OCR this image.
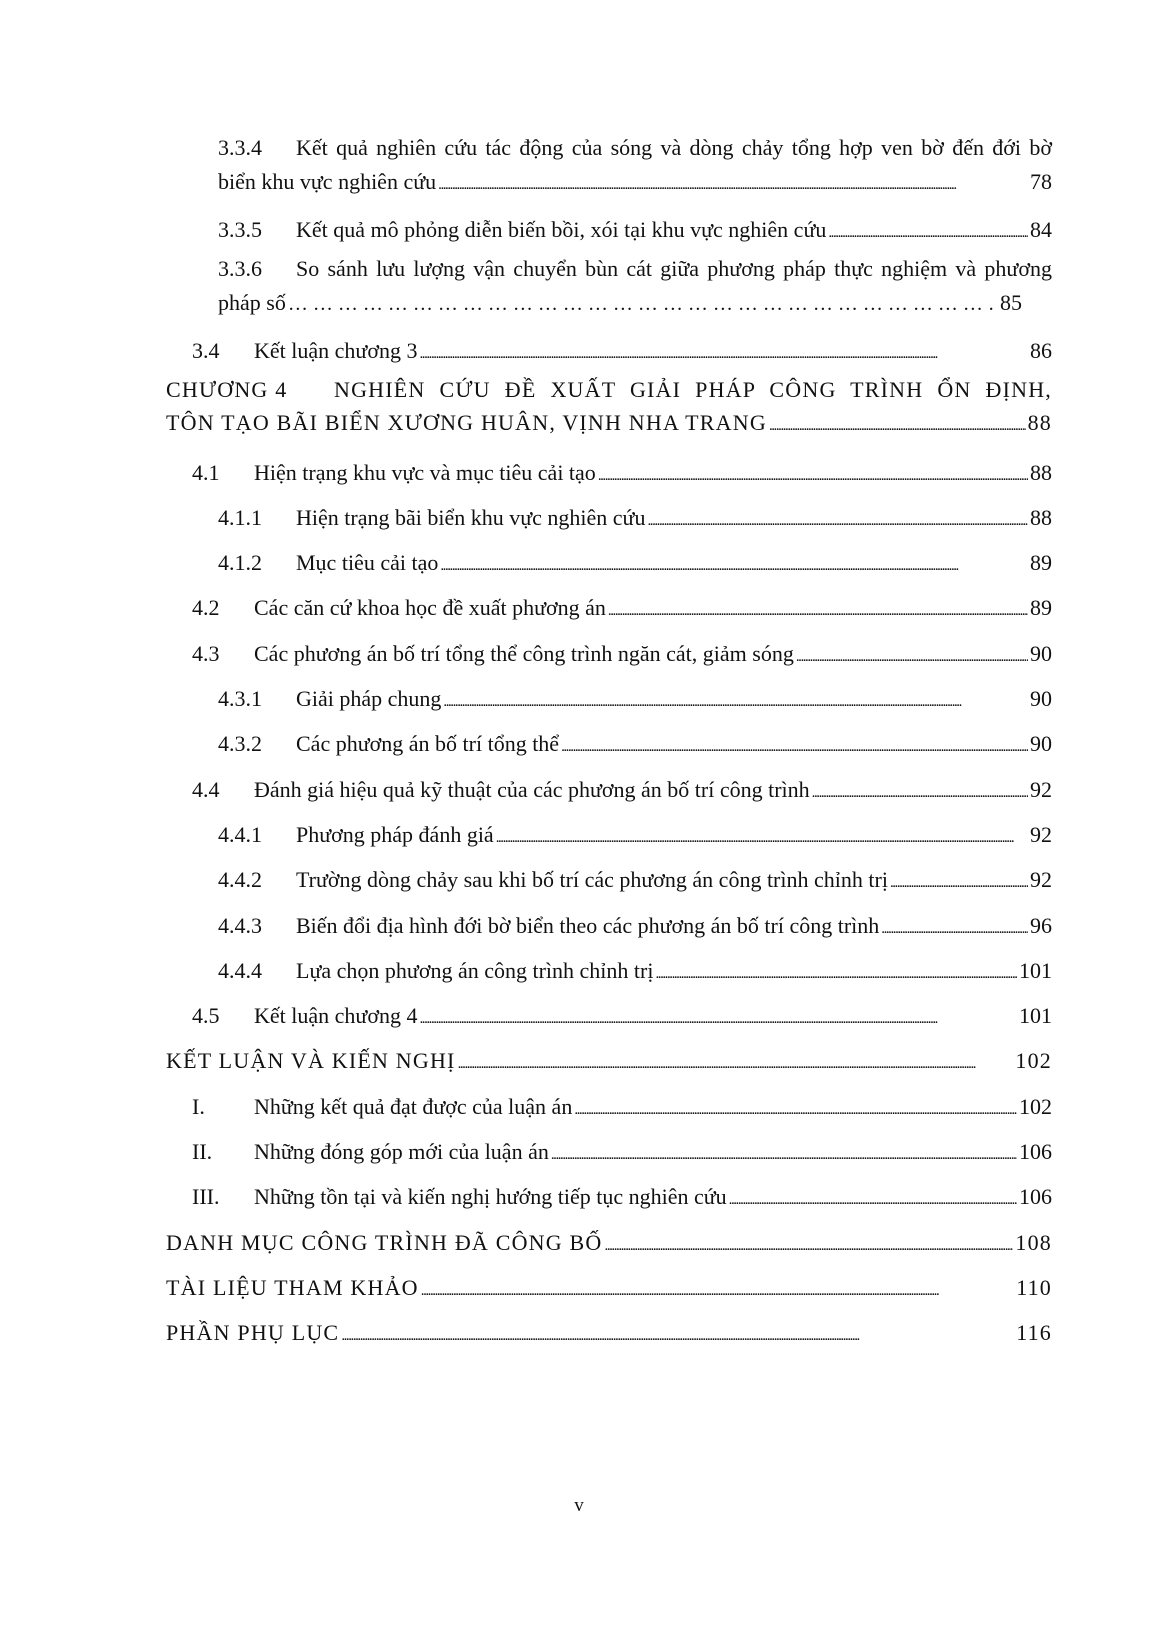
3.3.4	Kết quả nghiên cứu tác động của sóng và dòng chảy tổng hợp ven bờ đến đới bờ
biển khu vực nghiên cứu . . .	78
3.3.5	Kết quả mô phỏng diễn biến bồi, xói tại khu vực nghiên cứu . . .	84
3.3.6	So sánh lưu lượng vận chuyển bùn cát giữa phương pháp thực nghiệm và phương
pháp số … … … … … … … … … … … … … … … … … … … … … … … … … … … … … … … … … … … … … … … …	85
3.4	Kết luận chương 3 . . .	86
CHƯƠNG 4	NGHIÊN CỨU ĐỀ XUẤT GIẢI PHÁP CÔNG TRÌNH ỔN ĐỊNH,
TÔN TẠO BÃI BIỂN XƯƠNG HUÂN, VỊNH NHA TRANG . . .	88
4.1	Hiện trạng khu vực và mục tiêu cải tạo . . .	88
4.1.1	Hiện trạng bãi biển khu vực nghiên cứu . . .	88
4.1.2	Mục tiêu cải tạo . . .	89
4.2	Các căn cứ khoa học đề xuất phương án . . .	89
4.3	Các phương án bố trí tổng thể công trình ngăn cát, giảm sóng . . .	90
4.3.1	Giải pháp chung . . .	90
4.3.2	Các phương án bố trí tổng thể . . .	90
4.4	Đánh giá hiệu quả kỹ thuật của các phương án bố trí công trình . . .	92
4.4.1	Phương pháp đánh giá . . .	92
4.4.2	Trường dòng chảy sau khi bố trí các phương án công trình chỉnh trị . . .	92
4.4.3	Biến đổi địa hình đới bờ biển theo các phương án bố trí công trình . . .	96
4.4.4	Lựa chọn phương án công trình chỉnh trị . . .	101
4.5	Kết luận chương 4 . . .	101
KẾT LUẬN VÀ KIẾN NGHỊ . . .	102
I.	Những kết quả đạt được của luận án . . .	102
II.	Những đóng góp mới của luận án . . .	106
III.	Những tồn tại và kiến nghị hướng tiếp tục nghiên cứu . . .	106
DANH MỤC CÔNG TRÌNH ĐÃ CÔNG BỐ . . .	108
TÀI LIỆU THAM KHẢO . . .	110
PHẦN PHỤ LỤC . . .	116
v
